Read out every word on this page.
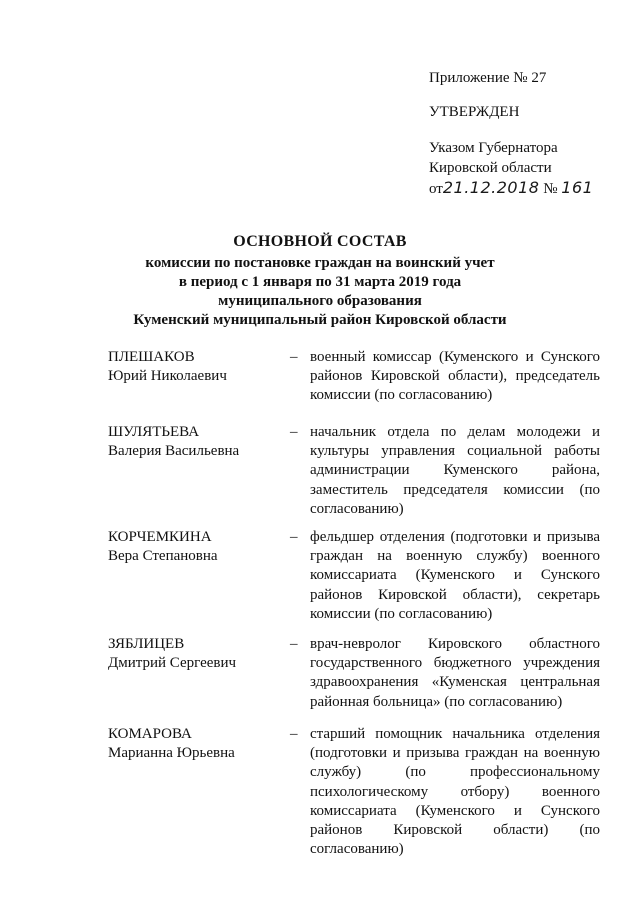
Приложение № 27
УТВЕРЖДЕН
Указом Губернатора
Кировской области
от21.12.2018 № 161
ОСНОВНОЙ СОСТАВ
комиссии по постановке граждан на воинский учет
в период с 1 января по 31 марта 2019 года
муниципального образования
Куменский муниципальный район Кировской области
ПЛЕШАКОВ
Юрий Николаевич
– военный комиссар (Куменского и Сунского районов Кировской области), председатель комиссии (по согласованию)
ШУЛЯТЬЕВА
Валерия Васильевна
– начальник отдела по делам молодежи и культуры управления социальной работы администрации Куменского района, заместитель председателя комиссии (по согласованию)
КОРЧЕМКИНА
Вера Степановна
– фельдшер отделения (подготовки и призыва граждан на военную службу) военного комиссариата (Куменского и Сунского районов Кировской области), секретарь комиссии (по согласованию)
ЗЯБЛИЦЕВ
Дмитрий Сергеевич
– врач-невролог Кировского областного государственного бюджетного учреждения здравоохранения «Куменская центральная районная больница» (по согласованию)
КОМАРОВА
Марианна Юрьевна
– старший помощник начальника отделения (подготовки и призыва граждан на военную службу) (по профессиональному психологическому отбору) военного комиссариата (Куменского и Сунского районов Кировской области) (по согласованию)
